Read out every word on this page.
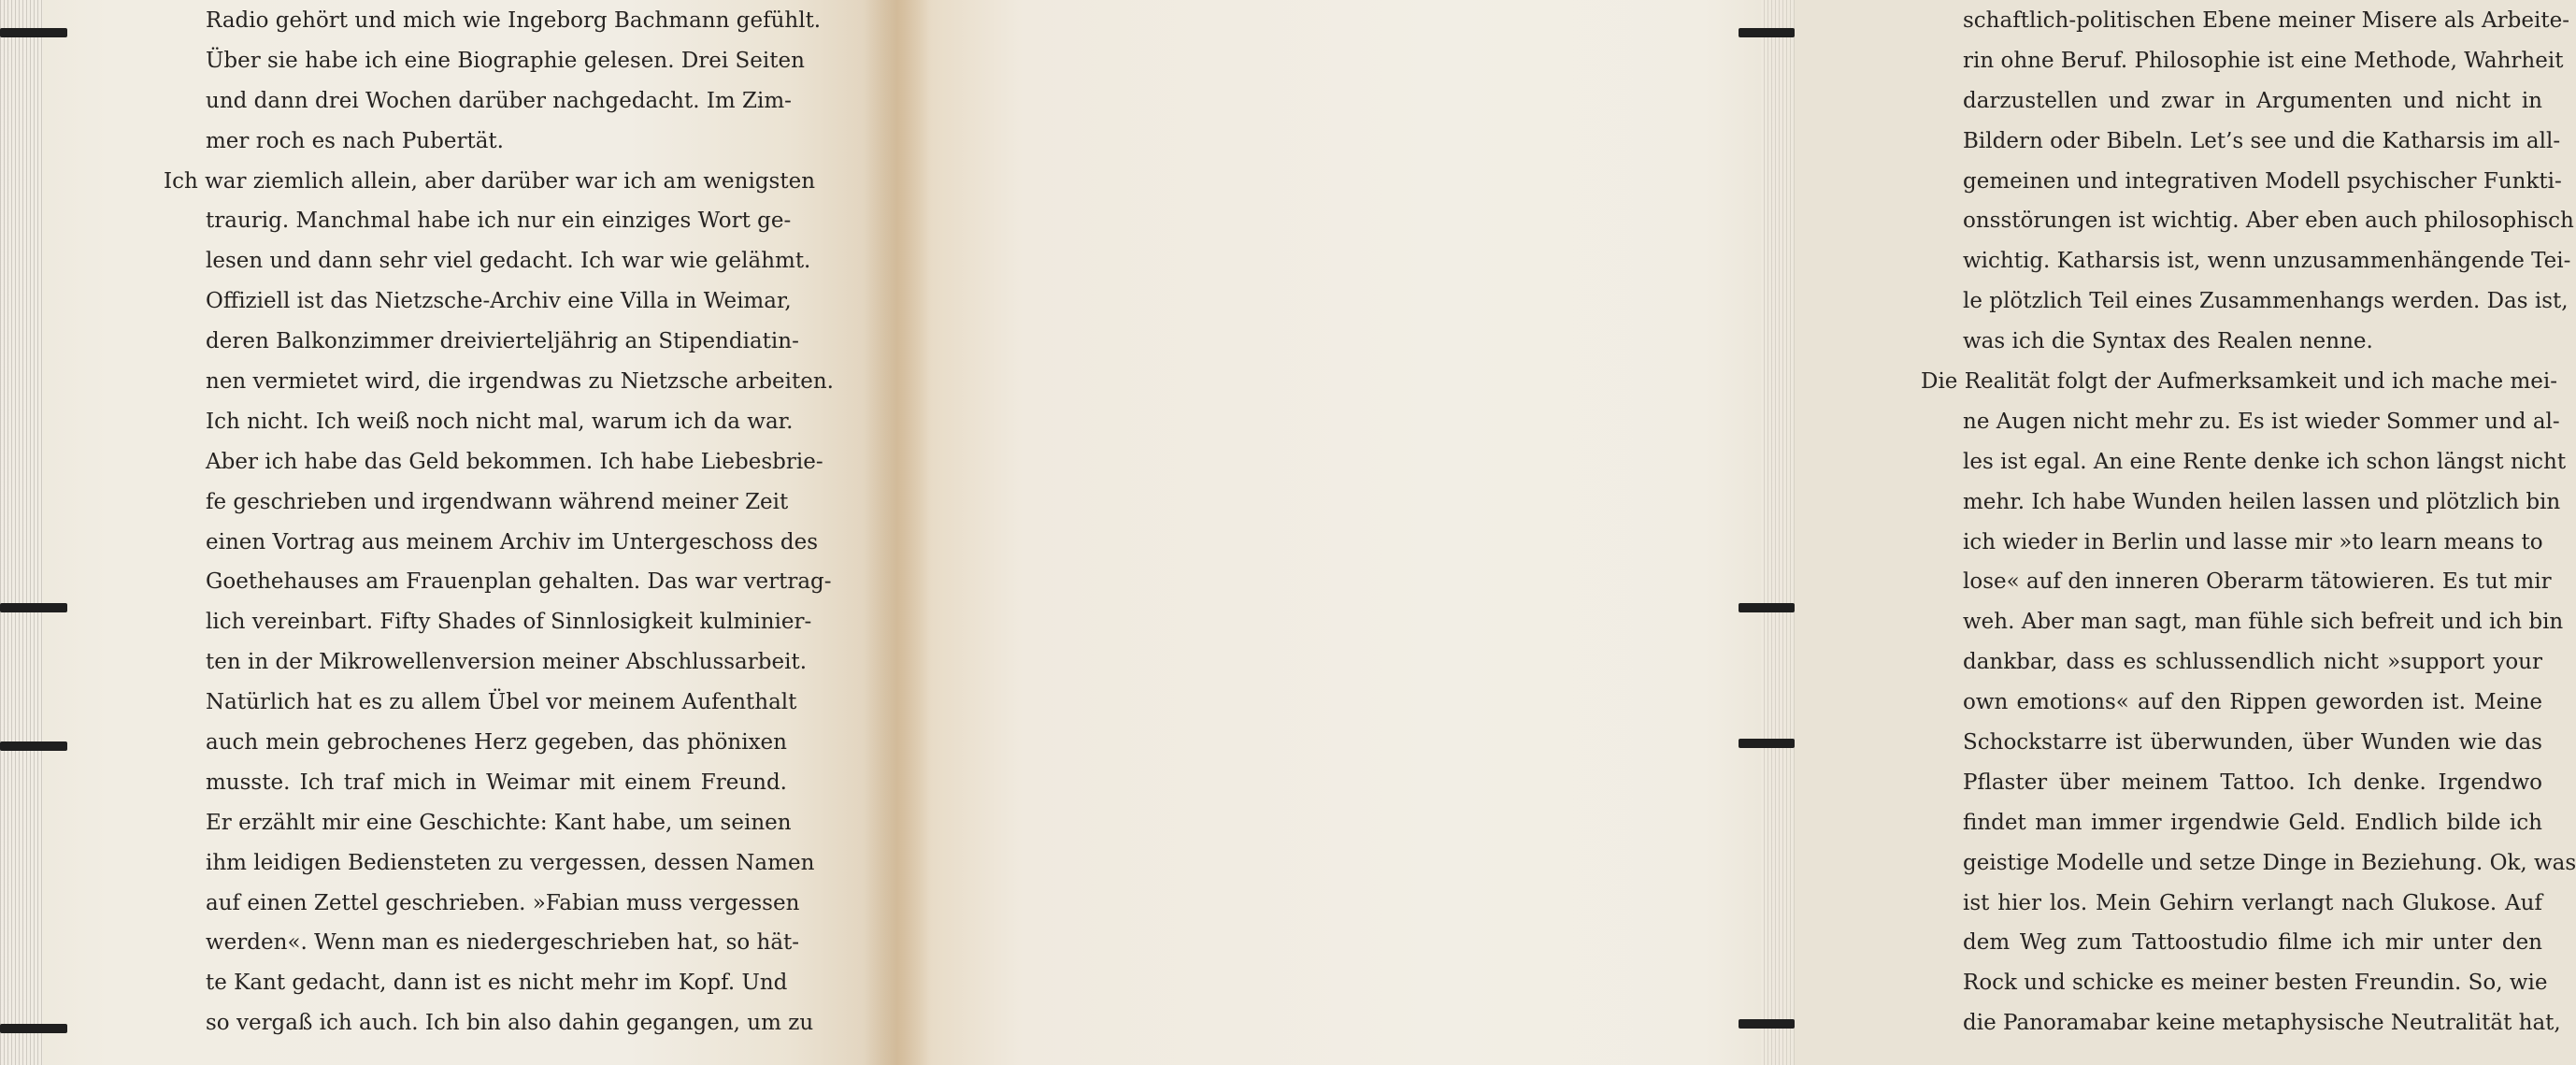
Radio gehört und mich wie Ingeborg Bachmann gefühlt.
Über sie habe ich eine Biographie gelesen. Drei Seiten
und dann drei Wochen darüber nachgedacht. Im Zim-
mer roch es nach Pubertät.
Ich war ziemlich allein, aber darüber war ich am wenigsten
traurig. Manchmal habe ich nur ein einziges Wort ge-
lesen und dann sehr viel gedacht. Ich war wie gelähmt.
Offiziell ist das Nietzsche-Archiv eine Villa in Weimar,
deren Balkonzimmer dreivierteljährig an Stipendiatin-
nen vermietet wird, die irgendwas zu Nietzsche arbeiten.
Ich nicht. Ich weiß noch nicht mal, warum ich da war.
Aber ich habe das Geld bekommen. Ich habe Liebesbrie-
fe geschrieben und irgendwann während meiner Zeit
einen Vortrag aus meinem Archiv im Untergeschoss des
Goethehauses am Frauenplan gehalten. Das war vertrag-
lich vereinbart. Fifty Shades of Sinnlosigkeit kulminier-
ten in der Mikrowellenversion meiner Abschlussarbeit.
Natürlich hat es zu allem Übel vor meinem Aufenthalt
auch mein gebrochenes Herz gegeben, das phönixen
musste. Ich traf mich in Weimar mit einem Freund.
Er erzählt mir eine Geschichte: Kant habe, um seinen
ihm leidigen Bediensteten zu vergessen, dessen Namen
auf einen Zettel geschrieben. »Fabian muss vergessen
werden«. Wenn man es niedergeschrieben hat, so hät-
te Kant gedacht, dann ist es nicht mehr im Kopf. Und
so vergaß ich auch. Ich bin also dahin gegangen, um zu
schaftlich-politischen Ebene meiner Misere als Arbeite-
rin ohne Beruf. Philosophie ist eine Methode, Wahrheit
darzustellen und zwar in Argumenten und nicht in
Bildern oder Bibeln. Let’s see und die Katharsis im all-
gemeinen und integrativen Modell psychischer Funkti-
onsstörungen ist wichtig. Aber eben auch philosophisch
wichtig. Katharsis ist, wenn unzusammenhängende Tei-
le plötzlich Teil eines Zusammenhangs werden. Das ist,
was ich die Syntax des Realen nenne.
Die Realität folgt der Aufmerksamkeit und ich mache mei-
ne Augen nicht mehr zu. Es ist wieder Sommer und al-
les ist egal. An eine Rente denke ich schon längst nicht
mehr. Ich habe Wunden heilen lassen und plötzlich bin
ich wieder in Berlin und lasse mir »to learn means to
lose« auf den inneren Oberarm tätowieren. Es tut mir
weh. Aber man sagt, man fühle sich befreit und ich bin
dankbar, dass es schlussendlich nicht »support your
own emotions« auf den Rippen geworden ist. Meine
Schockstarre ist überwunden, über Wunden wie das
Pflaster über meinem Tattoo. Ich denke. Irgendwo
findet man immer irgendwie Geld. Endlich bilde ich
geistige Modelle und setze Dinge in Beziehung. Ok, was
ist hier los. Mein Gehirn verlangt nach Glukose. Auf
dem Weg zum Tattoostudio filme ich mir unter den
Rock und schicke es meiner besten Freundin. So, wie
die Panoramabar keine metaphysische Neutralität hat,
